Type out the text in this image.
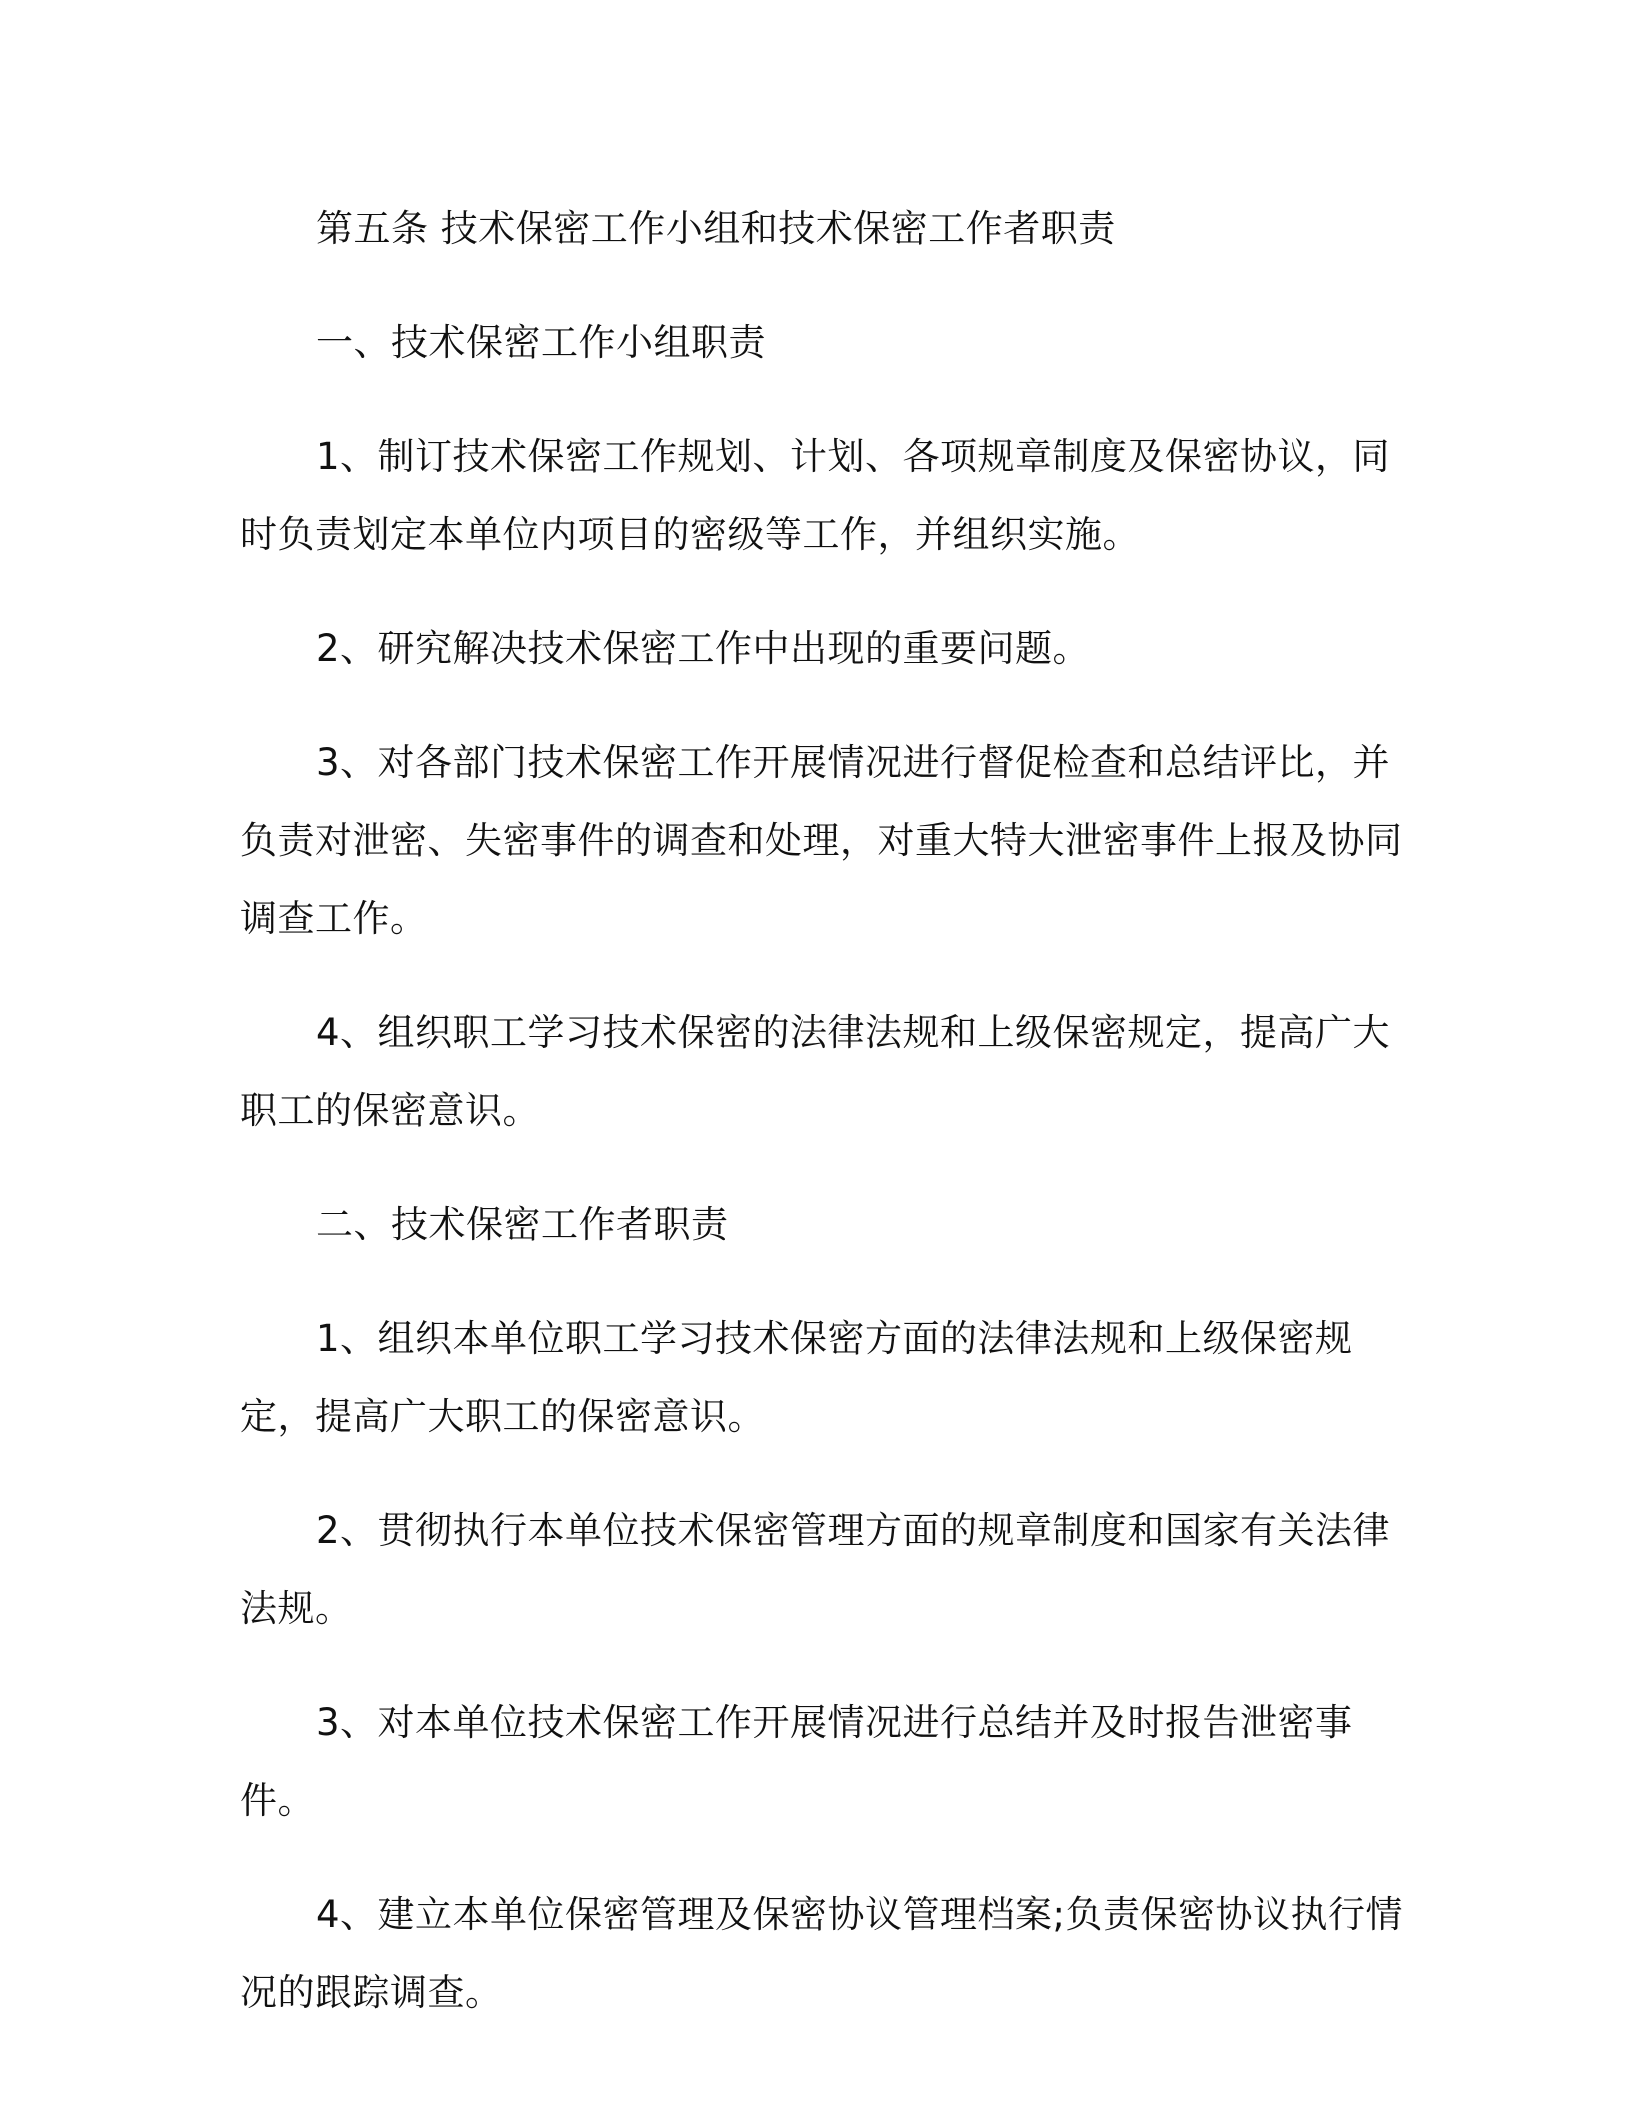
第五条 技术保密工作小组和技术保密工作者职责

一、技术保密工作小组职责

1、制订技术保密工作规划、计划、各项规章制度及保密协议，同时负责划定本单位内项目的密级等工作，并组织实施。

2、研究解决技术保密工作中出现的重要问题。

3、对各部门技术保密工作开展情况进行督促检查和总结评比，并负责对泄密、失密事件的调查和处理，对重大特大泄密事件上报及协同调查工作。

4、组织职工学习技术保密的法律法规和上级保密规定，提高广大职工的保密意识。

二、技术保密工作者职责

1、组织本单位职工学习技术保密方面的法律法规和上级保密规定，提高广大职工的保密意识。

2、贯彻执行本单位技术保密管理方面的规章制度和国家有关法律法规。

3、对本单位技术保密工作开展情况进行总结并及时报告泄密事件。

4、建立本单位保密管理及保密协议管理档案;负责保密协议执行情况的跟踪调查。
